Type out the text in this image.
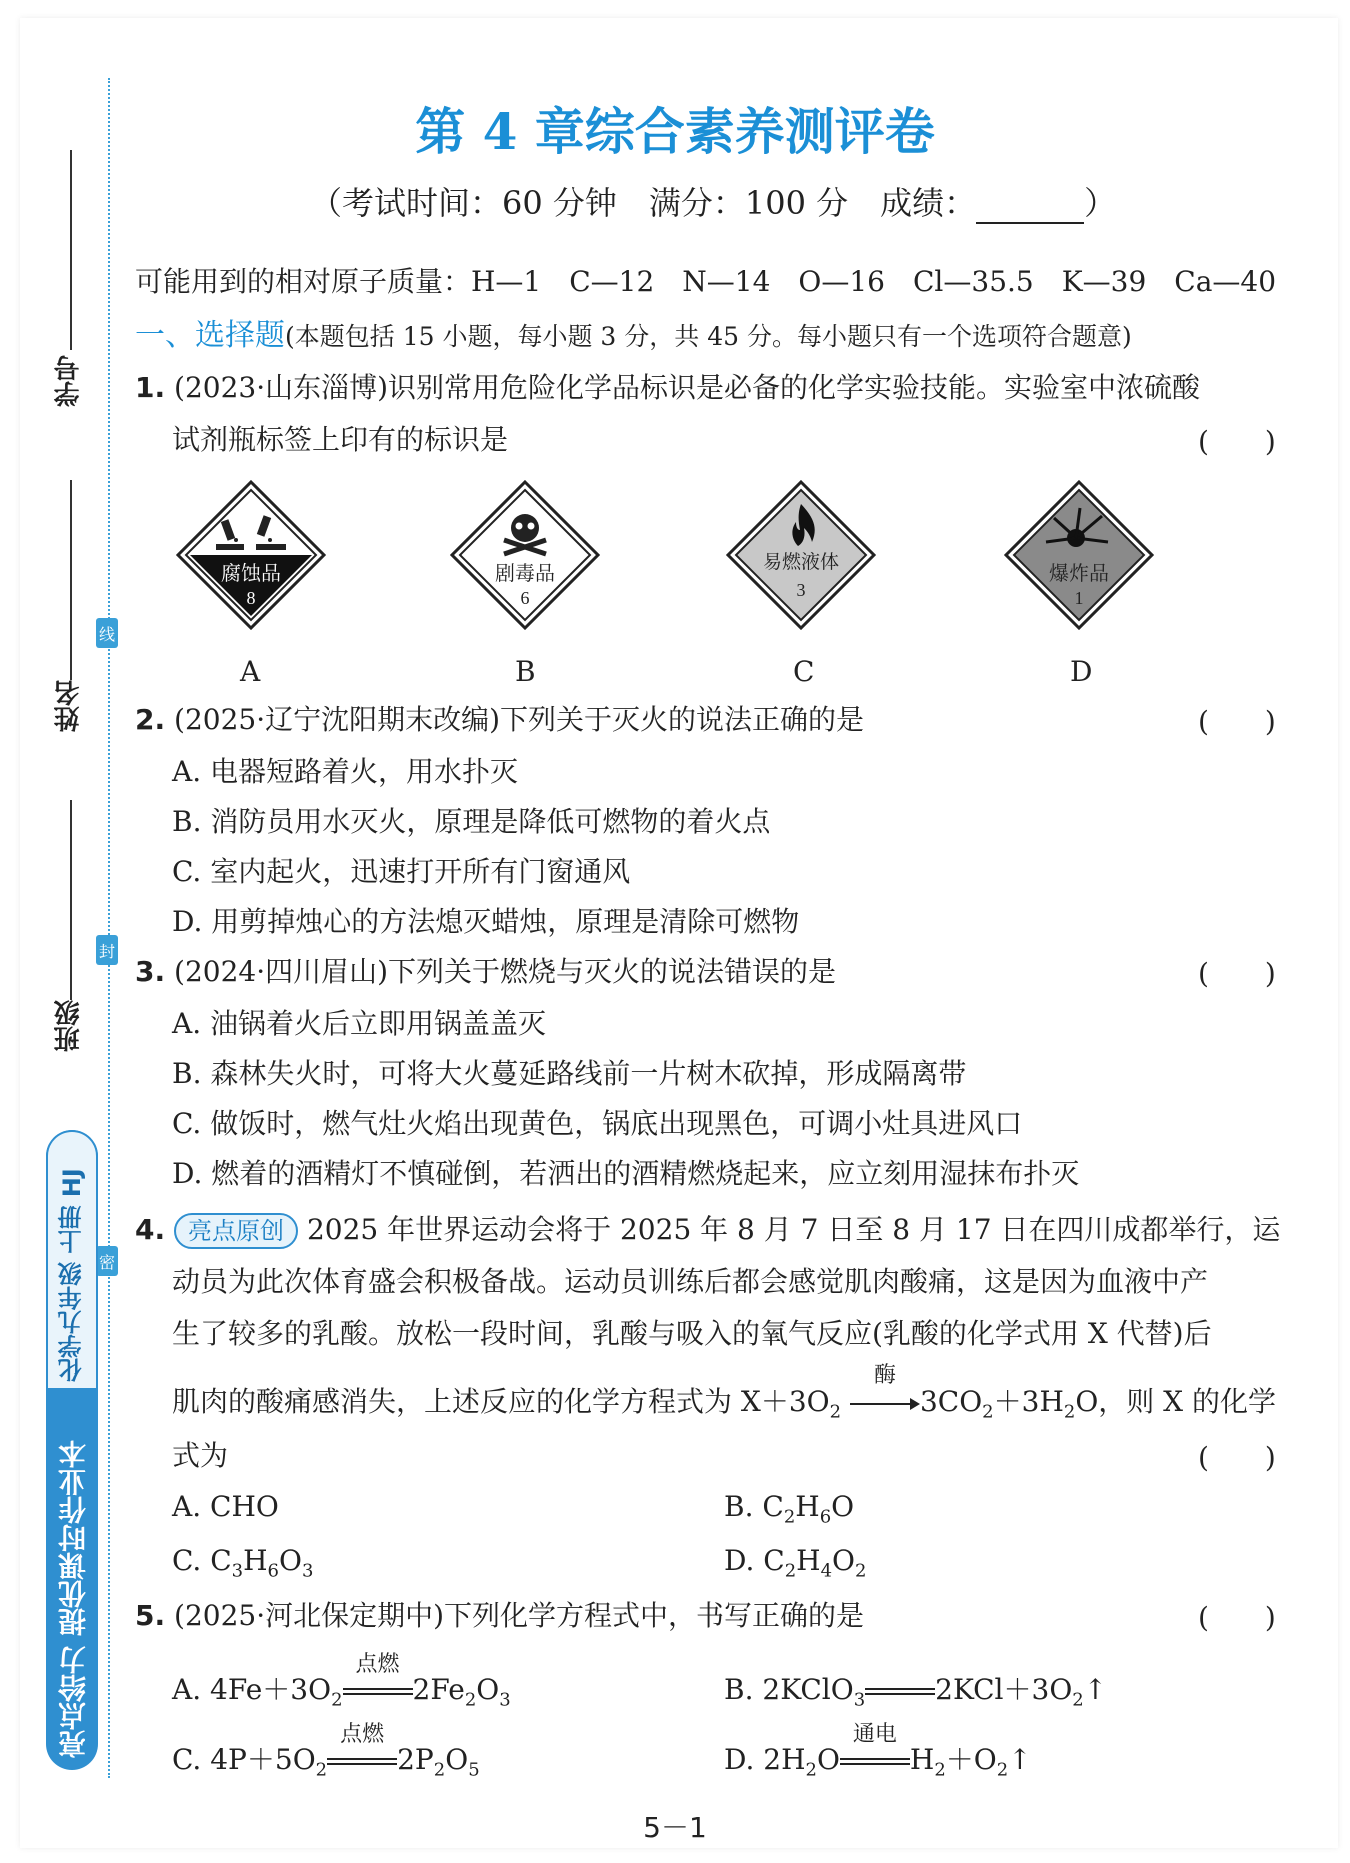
线
封
密
学号
姓名
班级
化学九年级 上册 HJ
亮点给力 提优课时作业本
第 4 章综合素养测评卷
（考试时间：60 分钟　满分：100 分　成绩：	）
可能用到的相对原子质量：H—1　C—12　N—14　O—16　Cl—35.5　K—39　Ca—40
一、选择题(本题包括 15 小题，每小题 3 分，共 45 分。每小题只有一个选项符合题意)
1. (2023·山东淄博)识别常用危险化学品标识是必备的化学实验技能。实验室中浓硫酸
试剂瓶标签上印有的标识是	(　　)
腐蚀品
8
A
剧毒品
6
B
易燃液体
3
C
爆炸品
1
D
2. (2025·辽宁沈阳期末改编)下列关于灭火的说法正确的是	(　　)
A. 电器短路着火，用水扑灭
B. 消防员用水灭火，原理是降低可燃物的着火点
C. 室内起火，迅速打开所有门窗通风
D. 用剪掉烛心的方法熄灭蜡烛，原理是清除可燃物
3. (2024·四川眉山)下列关于燃烧与灭火的说法错误的是	(　　)
A. 油锅着火后立即用锅盖盖灭
B. 森林失火时，可将大火蔓延路线前一片树木砍掉，形成隔离带
C. 做饭时，燃气灶火焰出现黄色，锅底出现黑色，可调小灶具进风口
D. 燃着的酒精灯不慎碰倒，若洒出的酒精燃烧起来，应立刻用湿抹布扑灭
4. 亮点原创 2025 年世界运动会将于 2025 年 8 月 7 日至 8 月 17 日在四川成都举行，运
动员为此次体育盛会积极备战。运动员训练后都会感觉肌肉酸痛，这是因为血液中产
生了较多的乳酸。放松一段时间，乳酸与吸入的氧气反应(乳酸的化学式用 X 代替)后
肌肉的酸痛感消失，上述反应的化学方程式为 $X+3O_2$
酶
$3CO_2+3H_2O$，则 X 的化学
式为	(　　)
A. CHO	B. $C_2H_6O$
C. $C_3H_6O_3$	D. $C_2H_4O_2$
5. (2025·河北保定期中)下列化学方程式中，书写正确的是	(　　)
A. $4Fe+3O_2$
点燃
$2Fe_2O_3$	B. 2KClO$_3$	$2KCl+3O_2↑$
C. $4P+5O_2$
点燃
$2P_2O_5$	D. $2H_2O$
通电
$H_2+O_2↑$
5－1
